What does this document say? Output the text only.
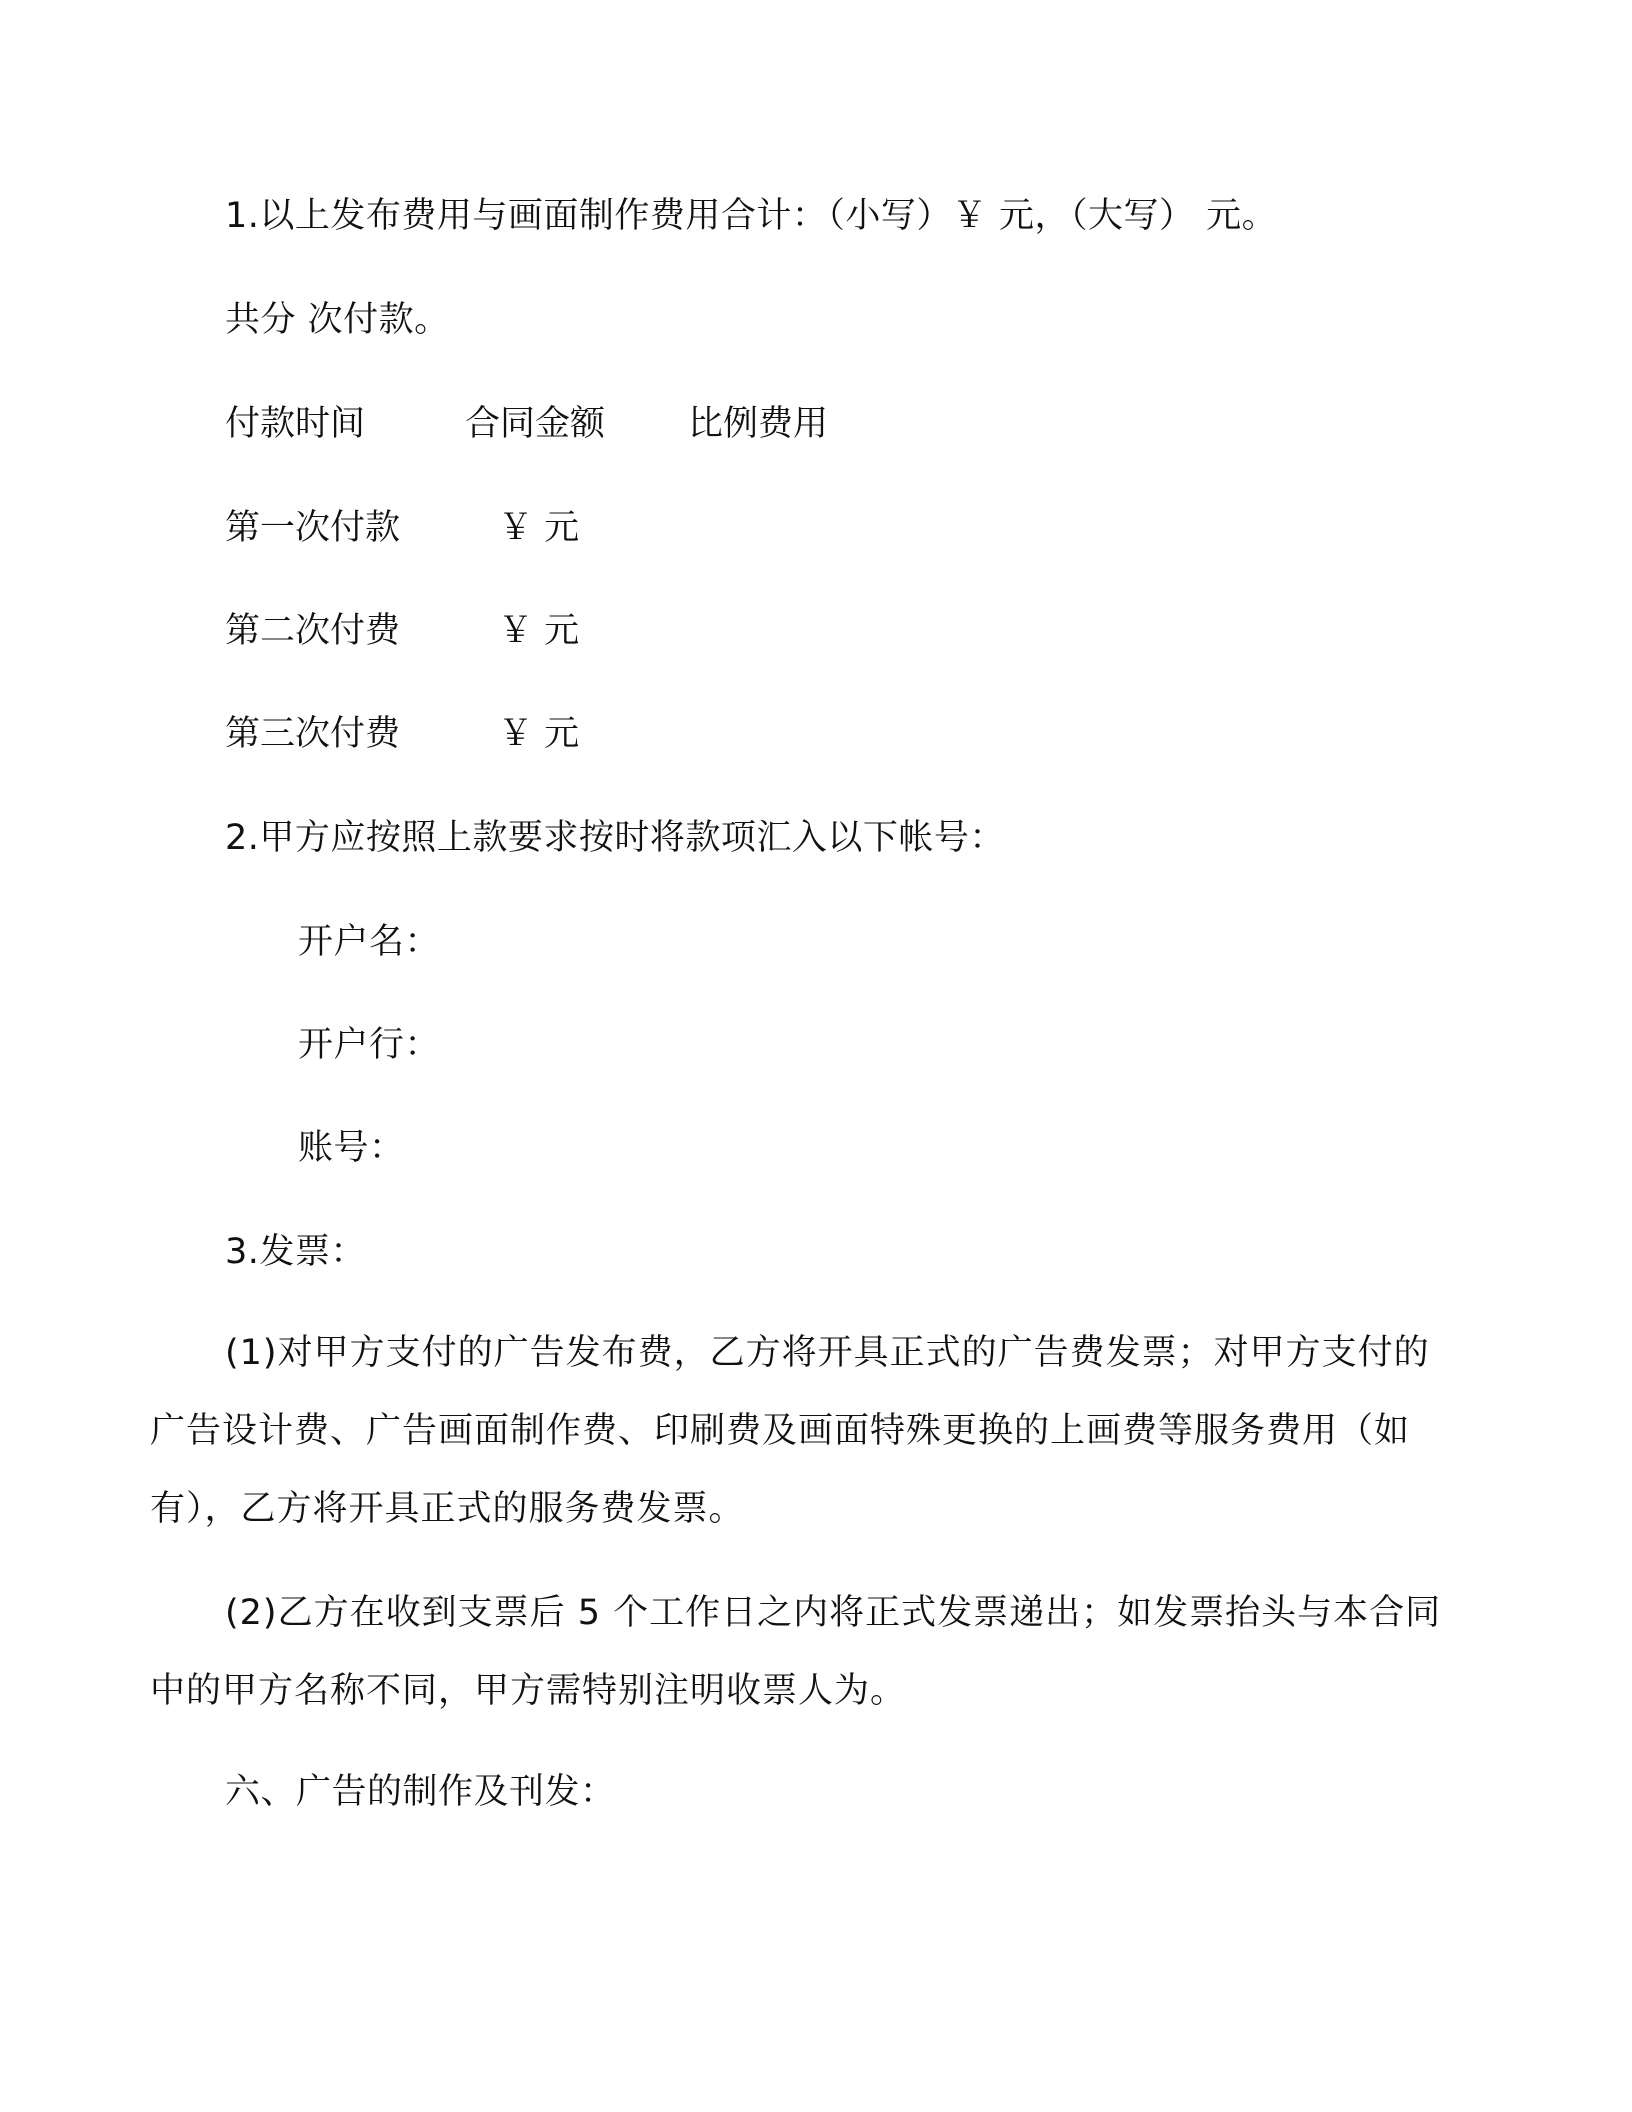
1.以上发布费用与画面制作费用合计：（小写）￥ 元，（大写） 元。
共分 次付款。
付款时间	合同金额 比例费用
第一次付款	￥ 元
第二次付费	￥ 元
第三次付费	￥ 元
2.甲方应按照上款要求按时将款项汇入以下帐号：
开户名：
开户行：
账号：
3.发票：
(1)对甲方支付的广告发布费，乙方将开具正式的广告费发票；对甲方支付的广告设计费、广告画面制作费、印刷费及画面特殊更换的上画费等服务费用（如有），乙方将开具正式的服务费发票。
(2)乙方在收到支票后 5 个工作日之内将正式发票递出；如发票抬头与本合同中的甲方名称不同，甲方需特别注明收票人为。
六、广告的制作及刊发：
